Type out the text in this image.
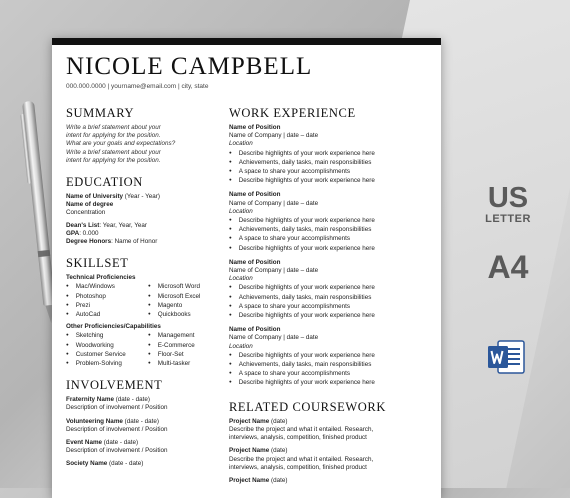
NICOLE CAMPBELL
000.000.0000 | yourname@email.com | city, state
SUMMARY
Write a brief statement about your
intent for applying for the position.
What are your goals and expectations?
Write a brief statement about your
intent for applying for the position.
EDUCATION
Name of University (Year - Year)
Name of degree
Concentration
Dean's List: Year, Year, Year
GPA: 0.000
Degree Honors: Name of Honor
SKILLSET
Technical Proficiencies
● Mac/Windows	● Microsoft Word
● Photoshop	● Microsoft Excel
● Prezi	● Magento
● AutoCad	● Quickbooks
Other Proficiencies/Capabilities
● Sketching	● Management
● Woodworking	● E-Commerce
● Customer Service	● Floor-Set
● Problem-Solving	● Multi-tasker
INVOLVEMENT
Fraternity Name (date - date)
Description of involvement / Position
Volunteering Name (date - date)
Description of involvement / Position
Event Name (date - date)
Description of involvement / Position
Society Name (date - date)
WORK EXPERIENCE
Name of Position
Name of Company | date – date
Location
● Describe highlights of your work experience here
● Achievements, daily tasks, main responsibilities
● A space to share your accomplishments
● Describe highlights of your work experience here
Name of Position
Name of Company | date – date
Location
● Describe highlights of your work experience here
● Achievements, daily tasks, main responsibilities
● A space to share your accomplishments
● Describe highlights of your work experience here
Name of Position
Name of Company | date – date
Location
● Describe highlights of your work experience here
● Achievements, daily tasks, main responsibilities
● A space to share your accomplishments
● Describe highlights of your work experience here
Name of Position
Name of Company | date – date
Location
● Describe highlights of your work experience here
● Achievements, daily tasks, main responsibilities
● A space to share your accomplishments
● Describe highlights of your work experience here
RELATED COURSEWORK
Project Name (date)
Describe the project and what it entailed. Research,
interviews, analysis, competition, finished product
Project Name (date)
Describe the project and what it entailed. Research,
interviews, analysis, competition, finished product
Project Name (date)
US
LETTER
A4
